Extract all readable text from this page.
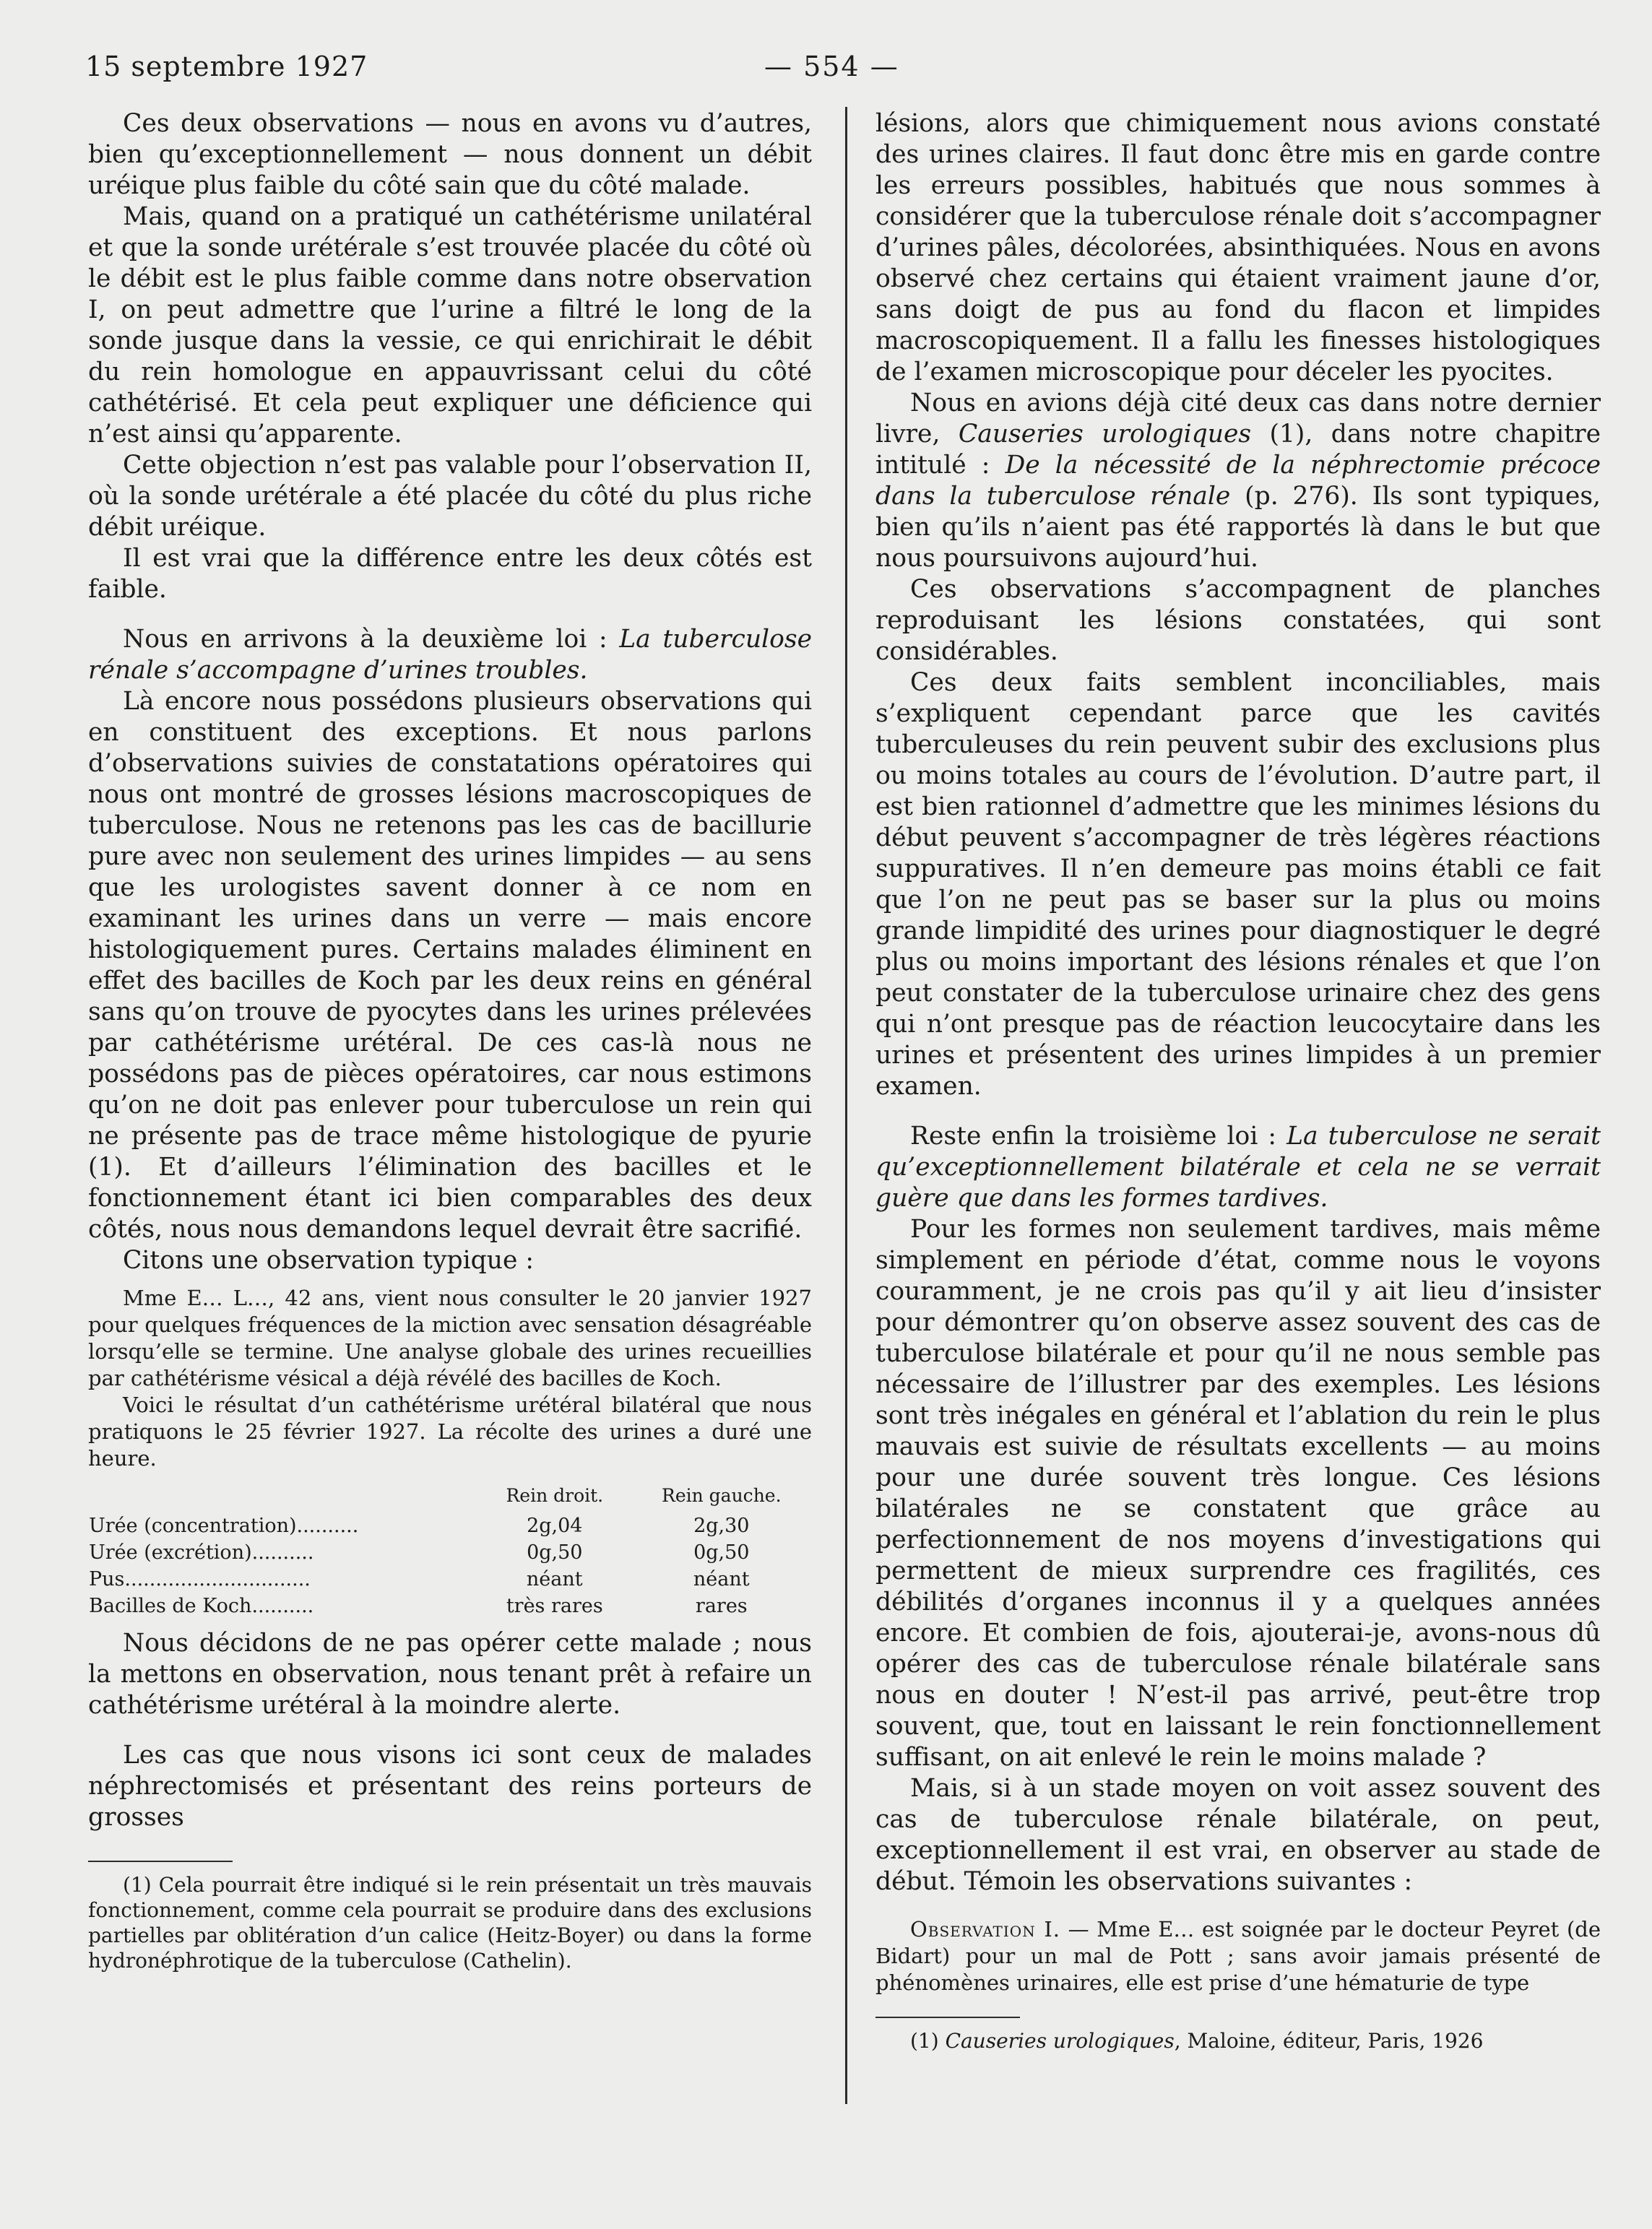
15 septembre 1927	— 554 —

Ces deux observations — nous en avons vu d’autres, bien qu’exceptionnellement — nous donnent un débit uréique plus faible du côté sain que du côté malade.

Mais, quand on a pratiqué un cathétérisme unilatéral et que la sonde urétérale s’est trouvée placée du côté où le débit est le plus faible comme dans notre observation I, on peut admettre que l’urine a filtré le long de la sonde jusque dans la vessie, ce qui enrichirait le débit du rein homologue en appauvrissant celui du côté cathétérisé. Et cela peut expliquer une déficience qui n’est ainsi qu’apparente.

Cette objection n’est pas valable pour l’observation II, où la sonde urétérale a été placée du côté du plus riche débit uréique.

Il est vrai que la différence entre les deux côtés est faible.

Nous en arrivons à la deuxième loi : La tuberculose rénale s’accompagne d’urines troubles.

Là encore nous possédons plusieurs observations qui en constituent des exceptions. Et nous parlons d’observations suivies de constatations opératoires qui nous ont montré de grosses lésions macroscopiques de tuberculose. Nous ne retenons pas les cas de bacillurie pure avec non seulement des urines limpides — au sens que les urologistes savent donner à ce nom en examinant les urines dans un verre — mais encore histologiquement pures. Certains malades éliminent en effet des bacilles de Koch par les deux reins en général sans qu’on trouve de pyocytes dans les urines prélevées par cathétérisme urétéral. De ces cas-là nous ne possédons pas de pièces opératoires, car nous estimons qu’on ne doit pas enlever pour tuberculose un rein qui ne présente pas de trace même histologique de pyurie (1). Et d’ailleurs l’élimination des bacilles et le fonctionnement étant ici bien comparables des deux côtés, nous nous demandons lequel devrait être sacrifié.

Citons une observation typique :

Mme E… L…, 42 ans, vient nous consulter le 20 janvier 1927 pour quelques fréquences de la miction avec sensation désagréable lorsqu’elle se termine. Une analyse globale des urines recueillies par cathétérisme vésical a déjà révélé des bacilles de Koch.

Voici le résultat d’un cathétérisme urétéral bilatéral que nous pratiquons le 25 février 1927. La récolte des urines a duré une heure.

	Rein droit.	Rein gauche.
Urée (concentration)..........	2g,04	2g,30
Urée (excrétion)..........	0g,50	0g,50
Pus..............................	néant	néant
Bacilles de Koch..........	très rares	rares

Nous décidons de ne pas opérer cette malade ; nous la mettons en observation, nous tenant prêt à refaire un cathétérisme urétéral à la moindre alerte.

Les cas que nous visons ici sont ceux de malades néphrectomisés et présentant des reins porteurs de grosses

(1) Cela pourrait être indiqué si le rein présentait un très mauvais fonctionnement, comme cela pourrait se produire dans des exclusions partielles par oblitération d’un calice (Heitz-Boyer) ou dans la forme hydronéphrotique de la tuberculose (Cathelin).

lésions, alors que chimiquement nous avions constaté des urines claires. Il faut donc être mis en garde contre les erreurs possibles, habitués que nous sommes à considérer que la tuberculose rénale doit s’accompagner d’urines pâles, décolorées, absinthiquées. Nous en avons observé chez certains qui étaient vraiment jaune d’or, sans doigt de pus au fond du flacon et limpides macroscopiquement. Il a fallu les finesses histologiques de l’examen microscopique pour déceler les pyocites.

Nous en avions déjà cité deux cas dans notre dernier livre, Causeries urologiques (1), dans notre chapitre intitulé : De la nécessité de la néphrectomie précoce dans la tuberculose rénale (p. 276). Ils sont typiques, bien qu’ils n’aient pas été rapportés là dans le but que nous poursuivons aujourd’hui.

Ces observations s’accompagnent de planches reproduisant les lésions constatées, qui sont considérables.

Ces deux faits semblent inconciliables, mais s’expliquent cependant parce que les cavités tuberculeuses du rein peuvent subir des exclusions plus ou moins totales au cours de l’évolution. D’autre part, il est bien rationnel d’admettre que les minimes lésions du début peuvent s’accompagner de très légères réactions suppuratives. Il n’en demeure pas moins établi ce fait que l’on ne peut pas se baser sur la plus ou moins grande limpidité des urines pour diagnostiquer le degré plus ou moins important des lésions rénales et que l’on peut constater de la tuberculose urinaire chez des gens qui n’ont presque pas de réaction leucocytaire dans les urines et présentent des urines limpides à un premier examen.

Reste enfin la troisième loi : La tuberculose ne serait qu’exceptionnellement bilatérale et cela ne se verrait guère que dans les formes tardives.

Pour les formes non seulement tardives, mais même simplement en période d’état, comme nous le voyons couramment, je ne crois pas qu’il y ait lieu d’insister pour démontrer qu’on observe assez souvent des cas de tuberculose bilatérale et pour qu’il ne nous semble pas nécessaire de l’illustrer par des exemples. Les lésions sont très inégales en général et l’ablation du rein le plus mauvais est suivie de résultats excellents — au moins pour une durée souvent très longue. Ces lésions bilatérales ne se constatent que grâce au perfectionnement de nos moyens d’investigations qui permettent de mieux surprendre ces fragilités, ces débilités d’organes inconnus il y a quelques années encore. Et combien de fois, ajouterai-je, avons-nous dû opérer des cas de tuberculose rénale bilatérale sans nous en douter ! N’est-il pas arrivé, peut-être trop souvent, que, tout en laissant le rein fonctionnellement suffisant, on ait enlevé le rein le moins malade ?

Mais, si à un stade moyen on voit assez souvent des cas de tuberculose rénale bilatérale, on peut, exceptionnellement il est vrai, en observer au stade de début. Témoin les observations suivantes :

Observation I. — Mme E… est soignée par le docteur Peyret (de Bidart) pour un mal de Pott ; sans avoir jamais présenté de phénomènes urinaires, elle est prise d’une hématurie de type

(1) Causeries urologiques, Maloine, éditeur, Paris, 1926
